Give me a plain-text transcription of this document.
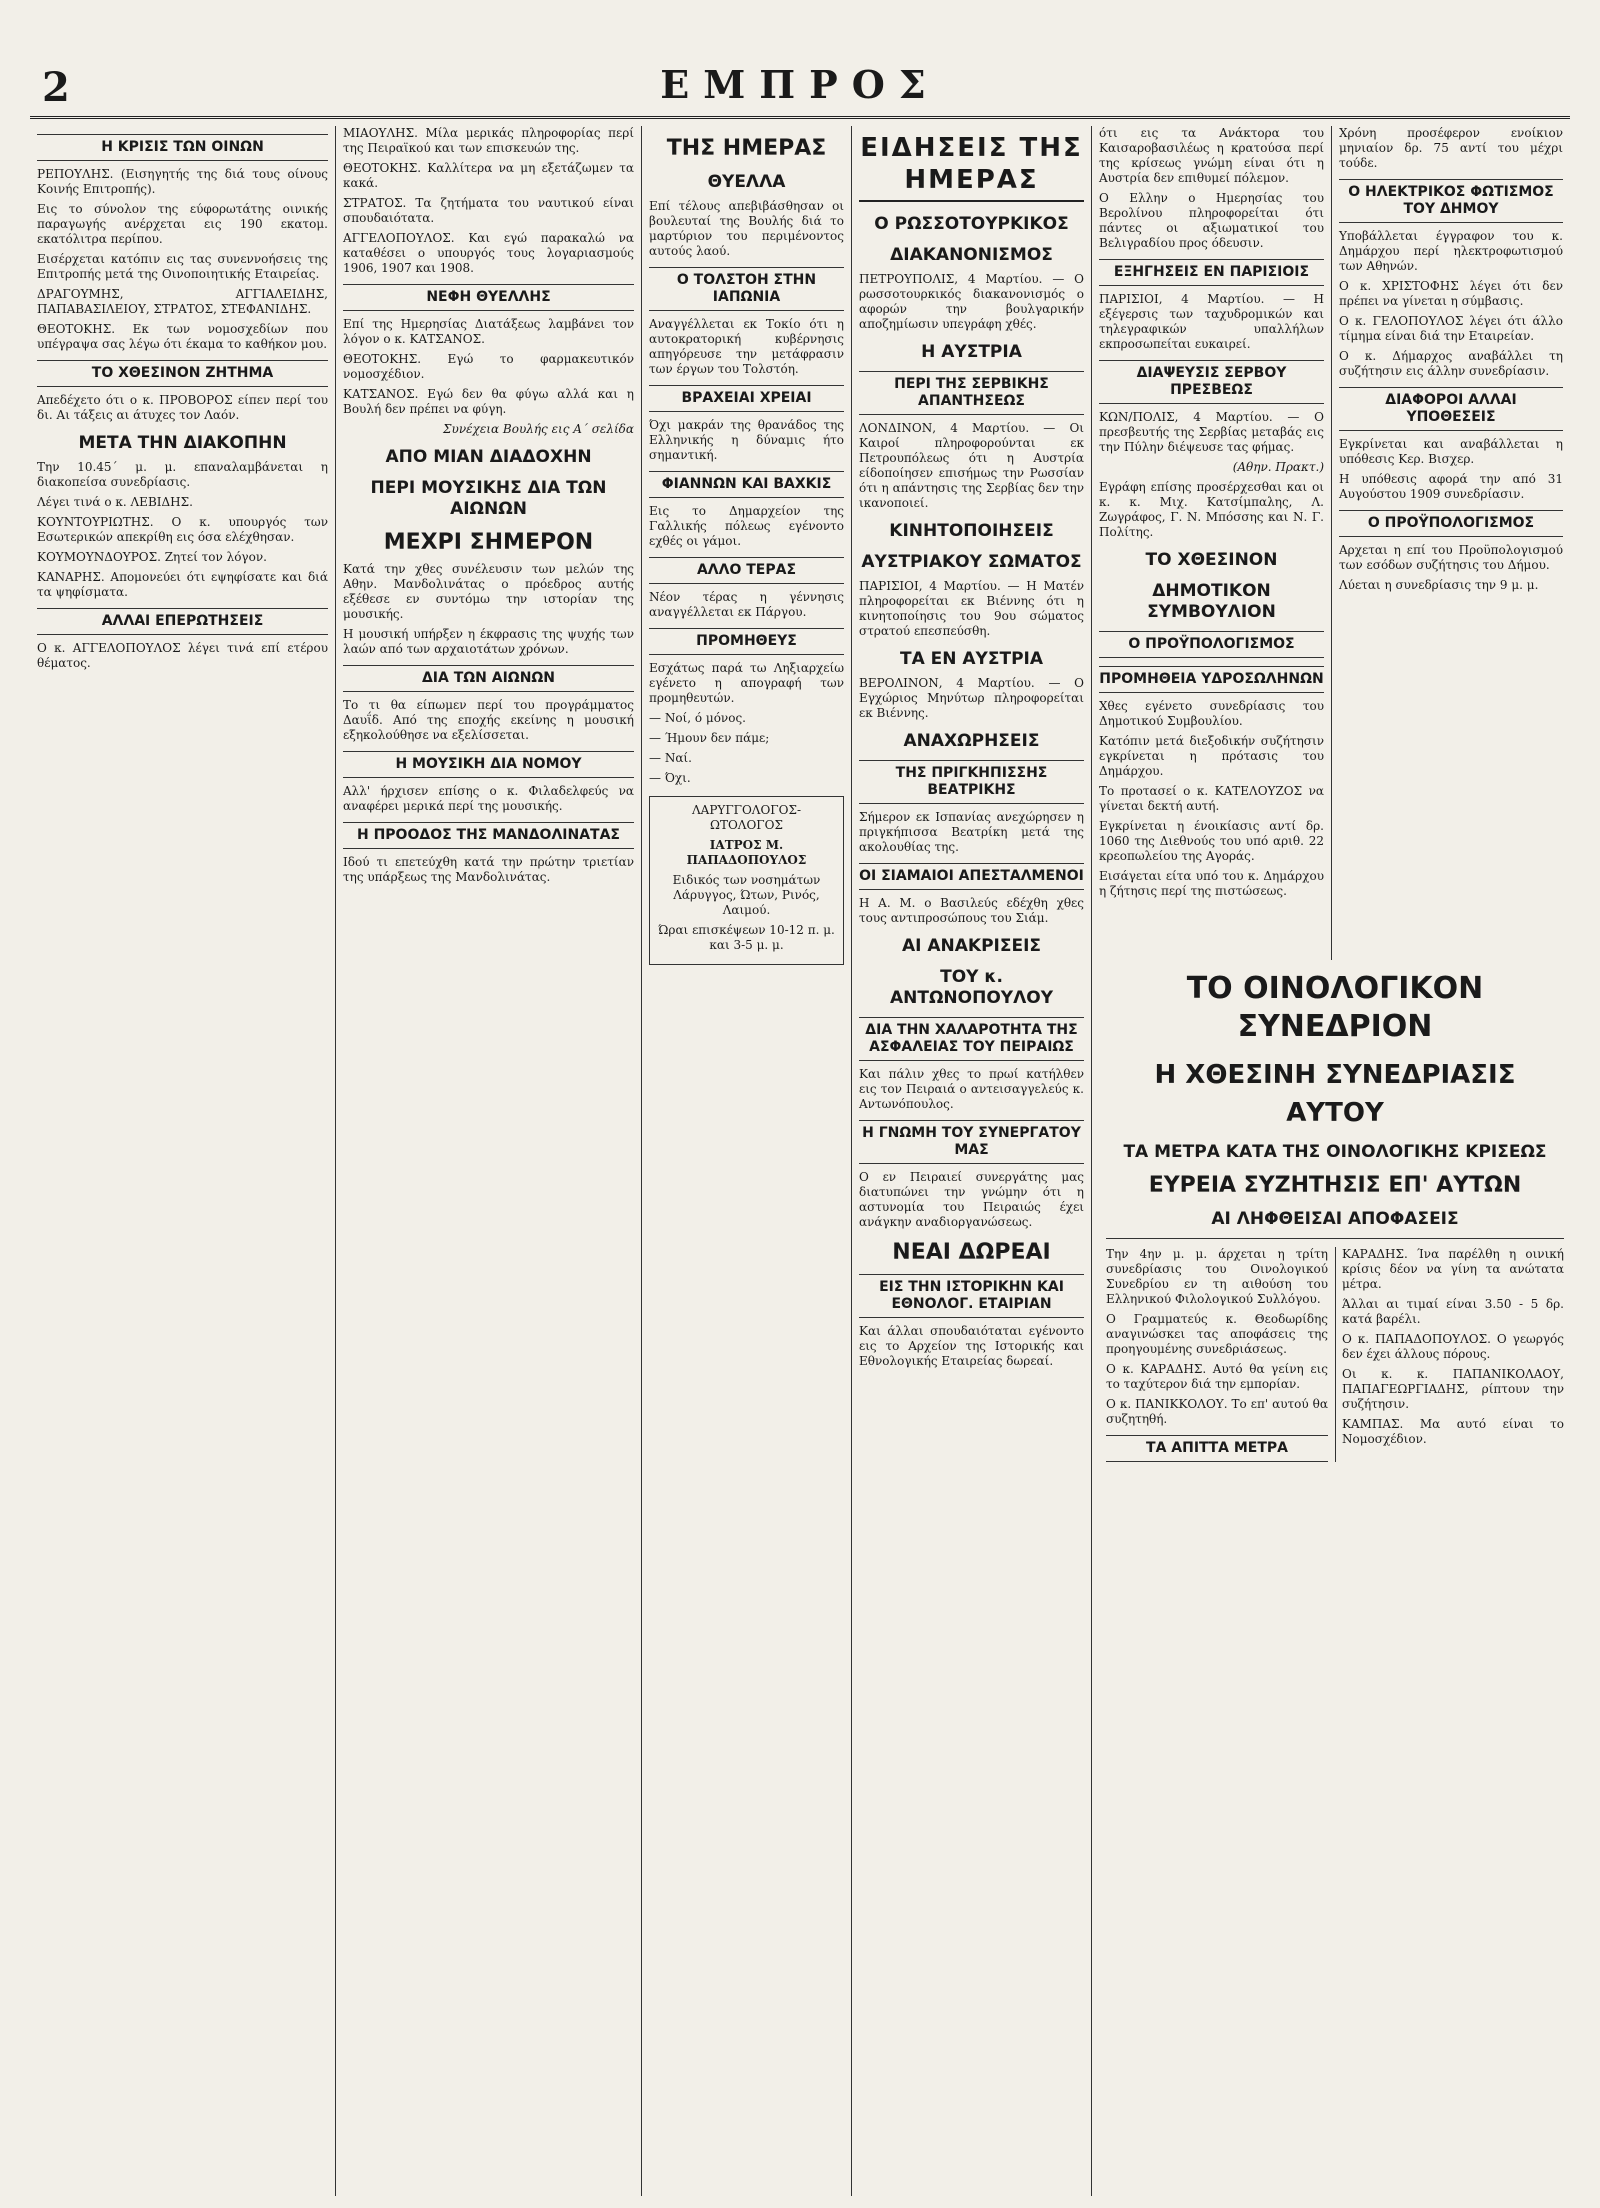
2	ΕΜΠΡΟΣ
Η ΚΡΙΣΙΣ ΤΩΝ ΟΙΝΩΝ

ΡΕΠΟΥΛΗΣ. (Εισηγητής της διά τους οίνους Κοινής Επιτροπής).

Εις το σύνολον της εύφορωτάτης οινικής παραγωγής ανέρχεται εις 190 εκατομ. εκατόλιτρα περίπου.

Εισέρχεται κατόπιν εις τας συνεννοήσεις της Επιτροπής μετά της Οινοποιητικής Εταιρείας.

ΔΡΑΓΟΥΜΗΣ, ΑΓΓΙΑΛΕΙΔΗΣ, ΠΑΠΑΒΑΣΙΛΕΙΟΥ, ΣΤΡΑΤΟΣ, ΣΤΕΦΑΝΙΔΗΣ.

ΘΕΟΤΟΚΗΣ. Εκ των νομοσχεδίων που υπέγραψα σας λέγω ότι έκαμα το καθήκον μου.

ΤΟ ΧΘΕΣΙΝΟΝ ΖΗΤΗΜΑ

Απεδέχετο ότι ο κ. ΠΡΟΒΟΡΟΣ είπεν περί του δι. Αι τάξεις αι άτυχες τον Λαόν.

ΜΕΤΑ ΤΗΝ ΔΙΑΚΟΠΗΝ

Την 10.45΄ μ. μ. επαναλαμβάνεται η διακοπείσα συνεδρίασις.

Λέγει τινά ο κ. ΛΕΒΙΔΗΣ.

ΚΟΥΝΤΟΥΡΙΩΤΗΣ. Ο κ. υπουργός των Εσωτερικών απεκρίθη εις όσα ελέχθησαν.

ΚΟΥΜΟΥΝΔΟΥΡΟΣ. Ζητεί τον λόγον.

ΚΑΝΑΡΗΣ. Απομονεύει ότι εψηφίσατε και διά τα ψηφίσματα.

ΑΛΛΑΙ ΕΠΕΡΩΤΗΣΕΙΣ

Ο κ. ΑΓΓΕΛΟΠΟΥΛΟΣ λέγει τινά επί ετέρου θέματος.

ΜΙΑΟΥΛΗΣ. Μίλα μερικάς πληροφορίας περί της Πειραϊκού και των επισκευών της.

ΘΕΟΤΟΚΗΣ. Καλλίτερα να μη εξετάζωμεν τα κακά.

ΣΤΡΑΤΟΣ. Τα ζητήματα του ναυτικού είναι σπουδαιότατα.

ΑΓΓΕΛΟΠΟΥΛΟΣ. Και εγώ παρακαλώ να καταθέσει ο υπουργός τους λογαριασμούς 1906, 1907 και 1908.

ΝΕΦΗ ΘΥΕΛΛΗΣ

Επί της Ημερησίας Διατάξεως λαμβάνει τον λόγον ο κ. ΚΑΤΣΑΝΟΣ.

ΘΕΟΤΟΚΗΣ. Εγώ το φαρμακευτικόν νομοσχέδιον.

ΚΑΤΣΑΝΟΣ. Εγώ δεν θα φύγω αλλά και η Βουλή δεν πρέπει να φύγη.

Συνέχεια Βουλής εις Α΄ σελίδα

ΑΠΟ ΜΙΑΝ ΔΙΑΔΟΧΗΝ
ΠΕΡΙ ΜΟΥΣΙΚΗΣ ΔΙΑ ΤΩΝ ΑΙΩΝΩΝ
ΜΕΧΡΙ ΣΗΜΕΡΟΝ

Κατά την χθες συνέλευσιν των μελών της Αθην. Μανδολινάτας ο πρόεδρος αυτής εξέθεσε εν συντόμω την ιστορίαν της μουσικής.

Η μουσική υπήρξεν η έκφρασις της ψυχής των λαών από των αρχαιοτάτων χρόνων.

ΔΙΑ ΤΩΝ ΑΙΩΝΩΝ

Το τι θα είπωμεν περί του προγράμματος Δαυΐδ. Από της εποχής εκείνης η μουσική εξηκολούθησε να εξελίσσεται.

Η ΜΟΥΣΙΚΗ ΔΙΑ ΝΟΜΟΥ

Αλλ' ήρχισεν επίσης ο κ. Φιλαδελφεύς να αναφέρει μερικά περί της μουσικής.

Η ΠΡΟΟΔΟΣ ΤΗΣ ΜΑΝΔΟΛΙΝΑΤΑΣ

Ιδού τι επετεύχθη κατά την πρώτην τριετίαν της υπάρξεως της Μανδολινάτας.

ΤΗΣ ΗΜΕΡΑΣ
ΘΥΕΛΛΑ

Επί τέλους απεβιβάσθησαν οι βουλευταί της Βουλής διά το μαρτύριον του περιμένοντος αυτούς λαού.

Ο ΤΟΛΣΤΟΗ ΣΤΗΝ ΙΑΠΩΝΙΑ

Αναγγέλλεται εκ Τοκίο ότι η αυτοκρατορική κυβέρνησις απηγόρευσε την μετάφρασιν των έργων του Τολστόη.

ΒΡΑΧΕΙΑΙ ΧΡΕΙΑΙ

Όχι μακράν της θρανάδος της Ελληνικής η δύναμις ήτο σημαντική.

ΦΙΑΝΝΩΝ ΚΑΙ ΒΑΧΚΙΣ

Εις το Δημαρχείον της Γαλλικής πόλεως εγένοντο εχθές οι γάμοι.

ΑΛΛΟ ΤΕΡΑΣ

Νέον τέρας η γέννησις αναγγέλλεται εκ Πάργου.

ΠΡΟΜΗΘΕΥΣ

Εσχάτως παρά τω Ληξιαρχείω εγένετο η απογραφή των προμηθευτών.

— Νοί, ό μόνος.

— Ήμουν δεν πάμε;

— Ναί.

— Όχι.

ΛΑΡΥΓΓΟΛΟΓΟΣ-ΩΤΟΛΟΓΟΣ

ΙΑΤΡΟΣ Μ. ΠΑΠΑΔΟΠΟΥΛΟΣ

Ειδικός των νοσημάτων Λάρυγγος, Ώτων, Ρινός, Λαιμού.

Ώραι επισκέψεων 10-12 π. μ. και 3-5 μ. μ.

ΕΙΔΗΣΕΙΣ ΤΗΣ ΗΜΕΡΑΣ
Ο ΡΩΣΣΟΤΟΥΡΚΙΚΟΣ
ΔΙΑΚΑΝΟΝΙΣΜΟΣ

ΠΕΤΡΟΥΠΟΛΙΣ, 4 Μαρτίου. — Ο ρωσσοτουρκικός διακανονισμός ο αφορών την βουλγαρικήν αποζημίωσιν υπεγράφη χθές.

Η ΑΥΣΤΡΙΑ
ΠΕΡΙ ΤΗΣ ΣΕΡΒΙΚΗΣ ΑΠΑΝΤΗΣΕΩΣ

ΛΟΝΔΙΝΟΝ, 4 Μαρτίου. — Οι Καιροί πληροφορούνται εκ Πετρουπόλεως ότι η Αυστρία είδοποίησεν επισήμως την Ρωσσίαν ότι η απάντησις της Σερβίας δεν την ικανοποιεί.

ΚΙΝΗΤΟΠΟΙΗΣΕΙΣ
ΑΥΣΤΡΙΑΚΟΥ ΣΩΜΑΤΟΣ

ΠΑΡΙΣΙΟΙ, 4 Μαρτίου. — Η Ματέν πληροφορείται εκ Βιέννης ότι η κινητοποίησις του 9ου σώματος στρατού επεσπεύσθη.

ΤΑ ΕΝ ΑΥΣΤΡΙΑ

ΒΕΡΟΛΙΝΟΝ, 4 Μαρτίου. — Ο Εγχώριος Μηνύτωρ πληροφορείται εκ Βιέννης.

ΑΝΑΧΩΡΗΣΕΙΣ
ΤΗΣ ΠΡΙΓΚΗΠΙΣΣΗΣ ΒΕΑΤΡΙΚΗΣ

Σήμερον εκ Ισπανίας ανεχώρησεν η πριγκήπισσα Βεατρίκη μετά της ακολουθίας της.

ΟΙ ΣΙΑΜΑΙΟΙ ΑΠΕΣΤΑΛΜΕΝΟΙ

Η Α. Μ. ο Βασιλεύς εδέχθη χθες τους αντιπροσώπους του Σιάμ.

ΑΙ ΑΝΑΚΡΙΣΕΙΣ
ΤΟΥ κ. ΑΝΤΩΝΟΠΟΥΛΟΥ
ΔΙΑ ΤΗΝ ΧΑΛΑΡΟΤΗΤΑ ΤΗΣ ΑΣΦΑΛΕΙΑΣ ΤΟΥ ΠΕΙΡΑΙΩΣ

Και πάλιν χθες το πρωί κατήλθεν εις τον Πειραιά ο αντεισαγγελεύς κ. Αντωνόπουλος.

Η ΓΝΩΜΗ ΤΟΥ ΣΥΝΕΡΓΑΤΟΥ ΜΑΣ

Ο εν Πειραιεί συνεργάτης μας διατυπώνει την γνώμην ότι η αστυνομία του Πειραιώς έχει ανάγκην αναδιοργανώσεως.

ΝΕΑΙ ΔΩΡΕΑΙ
ΕΙΣ ΤΗΝ ΙΣΤΟΡΙΚΗΝ ΚΑΙ ΕΘΝΟΛΟΓ. ΕΤΑΙΡΙΑΝ

Και άλλαι σπουδαιόταται εγένοντο εις το Αρχείον της Ιστορικής και Εθνολογικής Εταιρείας δωρεαί.

ότι εις τα Ανάκτορα του Καισαροβασιλέως η κρατούσα περί της κρίσεως γνώμη είναι ότι η Αυστρία δεν επιθυμεί πόλεμον.

Ο Ελλην ο Ημερησίας του Βερολίνου πληροφορείται ότι πάντες οι αξιωματικοί του Βελιγραδίου προς όδευσιν.

ΕΞΗΓΗΣΕΙΣ ΕΝ ΠΑΡΙΣΙΟΙΣ

ΠΑΡΙΣΙΟΙ, 4 Μαρτίου. — Η εξέγερσις των ταχυδρομικών και τηλεγραφικών υπαλλήλων εκπροσωπείται ευκαιρεί.

ΔΙΑΨΕΥΣΙΣ ΣΕΡΒΟΥ ΠΡΕΣΒΕΩΣ

ΚΩΝ/ΠΟΛΙΣ, 4 Μαρτίου. — Ο πρεσβευτής της Σερβίας μεταβάς εις την Πύλην διέψευσε τας φήμας.

(Αθην. Πρακτ.)

Εγράφη επίσης προσέρχεσθαι και οι κ. κ. Μιχ. Κατσίμπαλης, Λ. Ζωγράφος, Γ. Ν. Μπόσσης και Ν. Γ. Πολίτης.

ΤΟ ΧΘΕΣΙΝΟΝ
ΔΗΜΟΤΙΚΟΝ ΣΥΜΒΟΥΛΙΟΝ
Ο ΠΡΟΫΠΟΛΟΓΙΣΜΟΣ
ΠΡΟΜΗΘΕΙΑ ΥΔΡΟΣΩΛΗΝΩΝ

Χθες εγένετο συνεδρίασις του Δημοτικού Συμβουλίου.

Κατόπιν μετά διεξοδικήν συζήτησιν εγκρίνεται η πρότασις του Δημάρχου.

Το προτασεί ο κ. ΚΑΤΕΛΟΥΖΟΣ να γίνεται δεκτή αυτή.

Εγκρίνεται η ένοικίασις αντί δρ. 1060 της Διεθνούς του υπό αριθ. 22 κρεοπωλείου της Αγοράς.

Εισάγεται είτα υπό του κ. Δημάρχου η ζήτησις περί της πιστώσεως.

Χρόνη προσέφερον ενοίκιον μηνιαίον δρ. 75 αντί του μέχρι τούδε.

Ο ΗΛΕΚΤΡΙΚΟΣ ΦΩΤΙΣΜΟΣ ΤΟΥ ΔΗΜΟΥ

Υποβάλλεται έγγραφον του κ. Δημάρχου περί ηλεκτροφωτισμού των Αθηνών.

Ο κ. ΧΡΙΣΤΟΦΗΣ λέγει ότι δεν πρέπει να γίνεται η σύμβασις.

Ο κ. ΓΕΛΟΠΟΥΛΟΣ λέγει ότι άλλο τίμημα είναι διά την Εταιρείαν.

Ο κ. Δήμαρχος αναβάλλει τη συζήτησιν εις άλλην συνεδρίασιν.

ΔΙΑΦΟΡΟΙ ΑΛΛΑΙ ΥΠΟΘΕΣΕΙΣ

Εγκρίνεται και αναβάλλεται η υπόθεσις Κερ. Βισχερ.

Η υπόθεσις αφορά την από 31 Αυγούστου 1909 συνεδρίασιν.

Ο ΠΡΟΫΠΟΛΟΓΙΣΜΟΣ

Αρχεται η επί του Προϋπολογισμού των εσόδων συζήτησις του Δήμου.

Λύεται η συνεδρίασις την 9 μ. μ.

ΤΟ ΟΙΝΟΛΟΓΙΚΟΝ ΣΥΝΕΔΡΙΟΝ
Η ΧΘΕΣΙΝΗ ΣΥΝΕΔΡΙΑΣΙΣ ΑΥΤΟΥ
ΤΑ ΜΕΤΡΑ ΚΑΤΑ ΤΗΣ ΟΙΝΟΛΟΓΙΚΗΣ ΚΡΙΣΕΩΣ
ΕΥΡΕΙΑ ΣΥΖΗΤΗΣΙΣ ΕΠ' ΑΥΤΩΝ
ΑΙ ΛΗΦΘΕΙΣΑΙ ΑΠΟΦΑΣΕΙΣ

Την 4ην μ. μ. άρχεται η τρίτη συνεδρίασις του Οινολογικού Συνεδρίου εν τη αιθούση του Ελληνικού Φιλολογικού Συλλόγου.

Ο Γραμματεύς κ. Θεοδωρίδης αναγινώσκει τας αποφάσεις της προηγουμένης συνεδριάσεως.

Ο κ. ΚΑΡΑΔΗΣ. Αυτό θα γείνη εις το ταχύτερον διά την εμπορίαν.

Ο κ. ΠΑΝΙΚΚΟΛΟΥ. Το επ' αυτού θα συζητηθή.

ΤΑ ΑΠΙΤΤΑ ΜΕΤΡΑ

ΚΑΡΑΔΗΣ. Ίνα παρέλθη η οινική κρίσις δέον να γίνη τα ανώτατα μέτρα.

Άλλαι αι τιμαί είναι 3.50 - 5 δρ. κατά βαρέλι.

Ο κ. ΠΑΠΑΔΟΠΟΥΛΟΣ. Ο γεωργός δεν έχει άλλους πόρους.

Οι κ. κ. ΠΑΠΑΝΙΚΟΛΑΟΥ, ΠΑΠΑΓΕΩΡΓΙΑΔΗΣ, ρίπτουν την συζήτησιν.

ΚΑΜΠΑΣ. Μα αυτό είναι το Νομοσχέδιον.
